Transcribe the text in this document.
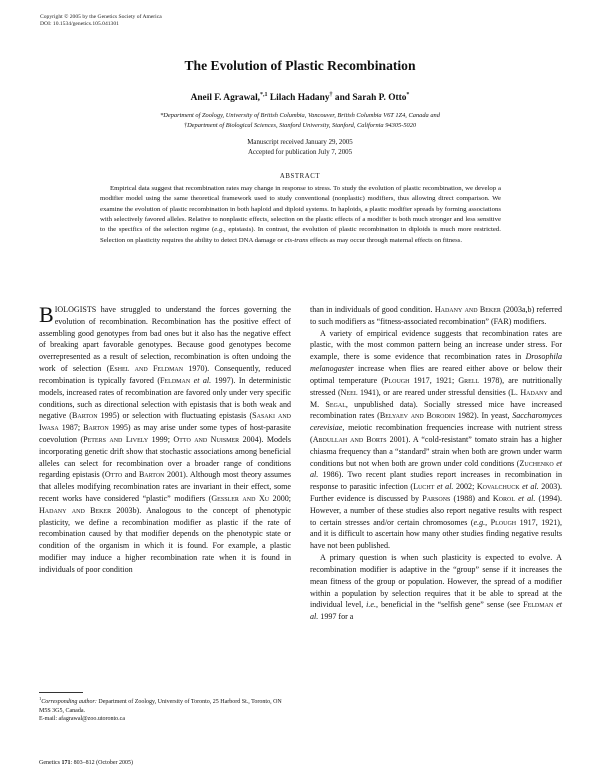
Copyright © 2005 by the Genetics Society of America
DOI: 10.1534/genetics.105.041301
The Evolution of Plastic Recombination
Aneil F. Agrawal,$^{*,1}$ Lilach Hadany† and Sarah P. Otto*
*Department of Zoology, University of British Columbia, Vancouver, British Columbia V6T 1Z4, Canada and
†Department of Biological Sciences, Stanford University, Stanford, California 94305-5020
Manuscript received January 29, 2005
Accepted for publication July 7, 2005
ABSTRACT
Empirical data suggest that recombination rates may change in response to stress. To study the evolution of plastic recombination, we develop a modifier model using the same theoretical framework used to study conventional (nonplastic) modifiers, thus allowing direct comparison. We examine the evolution of plastic recombination in both haploid and diploid systems. In haploids, a plastic modifier spreads by forming associations with selectively favored alleles. Relative to nonplastic effects, selection on the plastic effects of a modifier is both much stronger and less sensitive to the specifics of the selection regime (e.g., epistasis). In contrast, the evolution of plastic recombination in diploids is much more restricted. Selection on plasticity requires the ability to detect DNA damage or cis-trans effects as may occur through maternal effects on fitness.

BIOLOGISTS have struggled to understand the forces governing the evolution of recombination. Recombination has the positive effect of assembling good genotypes from bad ones but it also has the negative effect of breaking apart favorable genotypes. Because good genotypes become overrepresented as a result of selection, recombination is often undoing the work of selection (Eshel and Feldman 1970). Consequently, reduced recombination is typically favored (Feldman et al. 1997). In deterministic models, increased rates of recombination are favored only under very specific conditions, such as directional selection with epistasis that is both weak and negative (Barton 1995) or selection with fluctuating epistasis (Sasaki and Iwasa 1987; Barton 1995) as may arise under some types of host-parasite coevolution (Peters and Lively 1999; Otto and Nuismer 2004). Models incorporating genetic drift show that stochastic associations among beneficial alleles can select for recombination over a broader range of conditions regarding epistasis (Otto and Barton 2001). Although most theory assumes that alleles modifying recombination rates are invariant in their effect, some recent works have considered “plastic” modifiers (Gessler and Xu 2000; Hadany and Beker 2003b). Analogous to the concept of phenotypic plasticity, we define a recombination modifier as plastic if the rate of recombination caused by that modifier depends on the phenotypic state or condition of the organism in which it is found. For example, a plastic modifier may induce a higher recombination rate when it is found in individuals of poor condition

than in individuals of good condition. Hadany and Beker (2003a,b) referred to such modifiers as “fitness-associated recombination” (FAR) modifiers.

A variety of empirical evidence suggests that recombination rates are plastic, with the most common pattern being an increase under stress. For example, there is some evidence that recombination rates in Drosophila melanogaster increase when flies are reared either above or below their optimal temperature (Plough 1917, 1921; Grell 1978), are nutritionally stressed (Neel 1941), or are reared under stressful densities (L. Hadany and M. Segal, unpublished data). Socially stressed mice have increased recombination rates (Belyaev and Borodin 1982). In yeast, Saccharomyces cerevisiae, meiotic recombination frequencies increase with nutrient stress (Abdullah and Borts 2001). A “cold-resistant” tomato strain has a higher chiasma frequency than a “standard” strain when both are grown under warm conditions but not when both are grown under cold conditions (Zuchenko et al. 1986). Two recent plant studies report increases in recombination in response to parasitic infection (Lucht et al. 2002; Kovalchuck et al. 2003). Further evidence is discussed by Parsons (1988) and Korol et al. (1994). However, a number of these studies also report negative results with respect to certain stresses and/or certain chromosomes (e.g., Plough 1917, 1921), and it is difficult to ascertain how many other studies finding negative results have not been published.

A primary question is when such plasticity is expected to evolve. A recombination modifier is adaptive in the “group” sense if it increases the mean fitness of the group or population. However, the spread of a modifier within a population by selection requires that it be able to spread at the individual level, i.e., beneficial in the “selfish gene” sense (see Feldman et al. 1997 for a

$^1$Corresponding author: Department of Zoology, University of Toronto, 25 Harbord St., Toronto, ON M5S 3G5, Canada.

E-mail: afagrawal@zoo.utoronto.ca

Genetics 171: 803–812 (October 2005)
